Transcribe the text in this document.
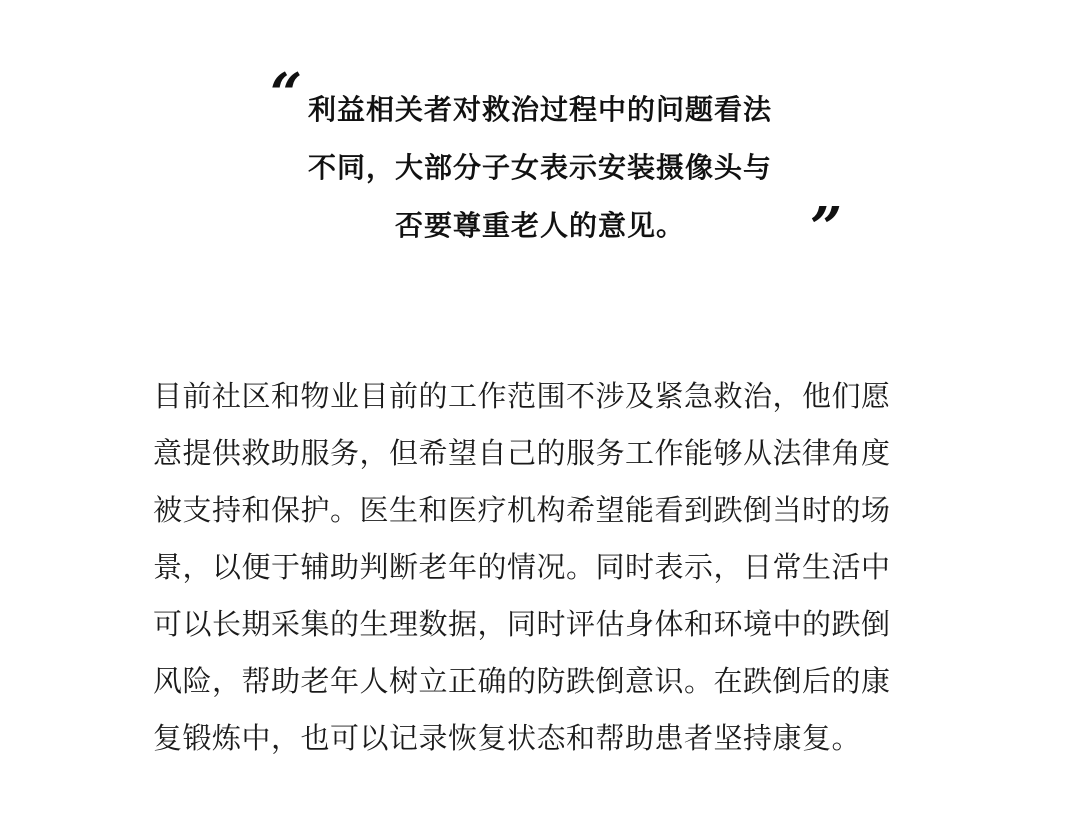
“ 利益相关者对救治过程中的问题看法
不同，大部分子女表示安装摄像头与
否要尊重老人的意见。	”
目前社区和物业目前的工作范围不涉及紧急救治，他们愿
意提供救助服务，但希望自己的服务工作能够从法律角度
被支持和保护。医生和医疗机构希望能看到跌倒当时的场
景，以便于辅助判断老年的情况。同时表示，日常生活中
可以长期采集的生理数据，同时评估身体和环境中的跌倒
风险，帮助老年人树立正确的防跌倒意识。在跌倒后的康
复锻炼中，也可以记录恢复状态和帮助患者坚持康复。
